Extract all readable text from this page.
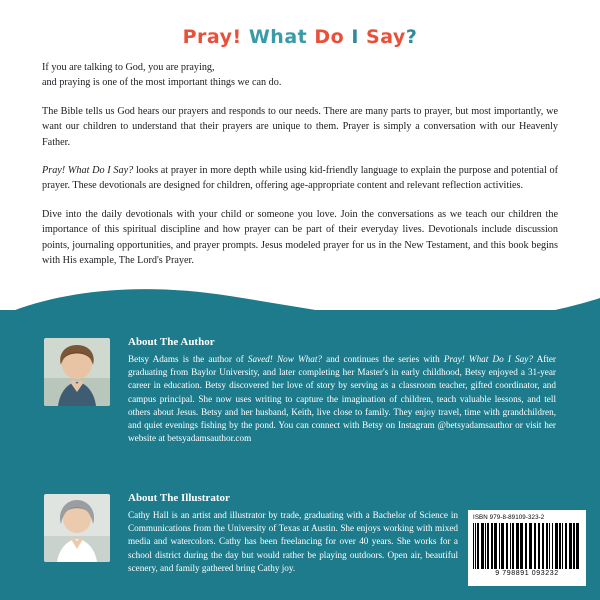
Pray! What Do I Say?

If you are talking to God, you are praying,
and praying is one of the most important things we can do.

The Bible tells us God hears our prayers and responds to our needs. There are many parts to prayer, but most importantly, we want our children to understand that their prayers are unique to them. Prayer is simply a conversation with our Heavenly Father.

Pray! What Do I Say? looks at prayer in more depth while using kid-friendly language to explain the purpose and potential of prayer. These devotionals are designed for children, offering age-appropriate content and relevant reflection activities.

Dive into the daily devotionals with your child or someone you love. Join the conversations as we teach our children the importance of this spiritual discipline and how prayer can be part of their everyday lives. Devotionals include discussion points, journaling opportunities, and prayer prompts. Jesus modeled prayer for us in the New Testament, and this book begins with His example, The Lord's Prayer.

About The Author
Betsy Adams is the author of Saved! Now What? and continues the series with Pray! What Do I Say? After graduating from Baylor University, and later completing her Master's in early childhood, Betsy enjoyed a 31-year career in education. Betsy discovered her love of story by serving as a classroom teacher, gifted coordinator, and campus principal. She now uses writing to capture the imagination of children, teach valuable lessons, and tell others about Jesus. Betsy and her husband, Keith, live close to family. They enjoy travel, time with grandchildren, and quiet evenings fishing by the pond. You can connect with Betsy on Instagram @betsyadamsauthor or visit her website at betsyadamsauthor.com
About The Illustrator
Cathy Hall is an artist and illustrator by trade, graduating with a Bachelor of Science in Communications from the University of Texas at Austin. She enjoys working with mixed media and watercolors. Cathy has been freelancing for over 40 years. She works for a school district during the day but would rather be playing outdoors. Open air, beautiful scenery, and family gathered bring Cathy joy.
ISBN 979-8-89109-323-2
9 798891 093232
